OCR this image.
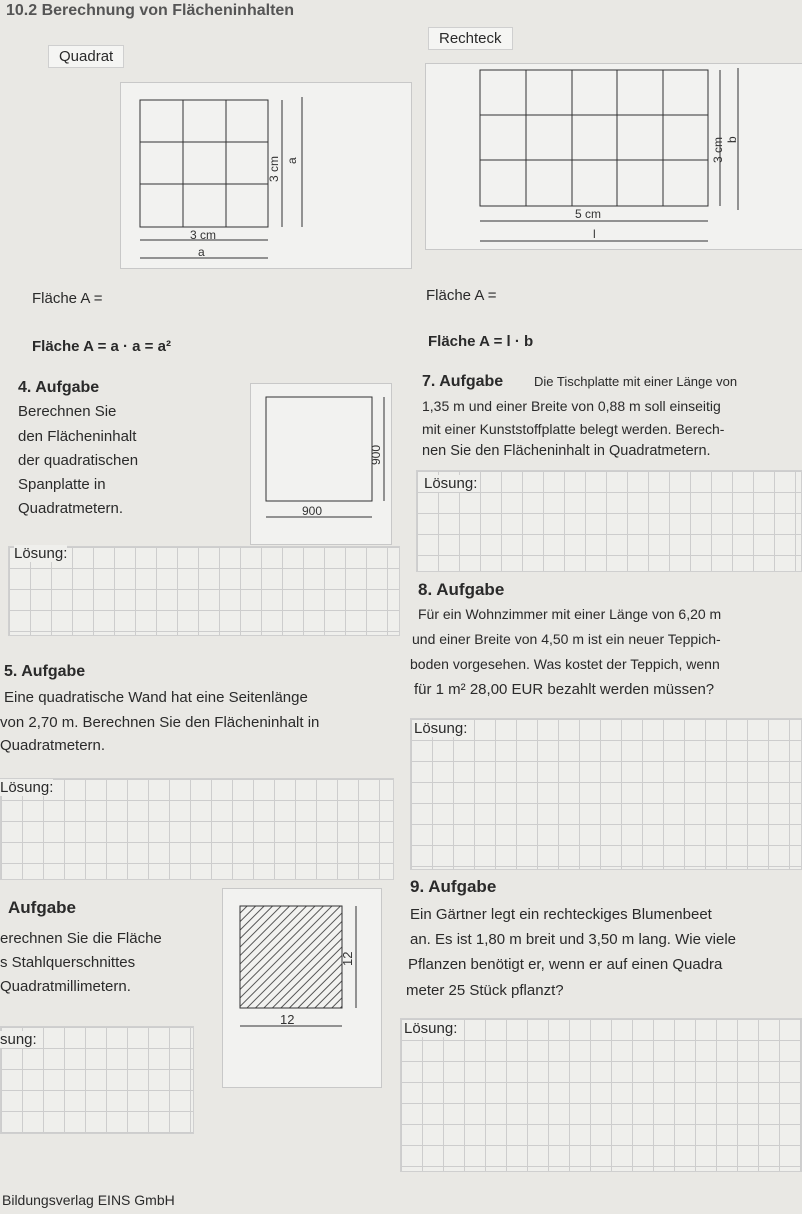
10.2 Berechnung von Flächeninhalten
Quadrat
3 cm
a
3 cm a
Rechteck
5 cm
l
3 cm b
Fläche A =	Fläche A =
Fläche A = a · a = a²	Fläche A = l · b
4. Aufgabe
Berechnen Sie
den Flächeninhalt
der quadratischen
Spanplatte in
Quadratmetern.	900
900
Lösung:
5. Aufgabe
Eine quadratische Wand hat eine Seitenlänge
von 2,70 m. Berechnen Sie den Flächeninhalt in
Quadratmetern.
Lösung:
Aufgabe
erechnen Sie die Fläche
s Stahlquerschnittes
Quadratmillimetern.
12
12
sung:
7. Aufgabe Die Tischplatte mit einer Länge von
1,35 m und einer Breite von 0,88 m soll einseitig
mit einer Kunststoffplatte belegt werden. Berech-
nen Sie den Flächeninhalt in Quadratmetern.
Lösung:
8. Aufgabe
Für ein Wohnzimmer mit einer Länge von 6,20 m
und einer Breite von 4,50 m ist ein neuer Teppich-
boden vorgesehen. Was kostet der Teppich, wenn
für 1 m² 28,00 EUR bezahlt werden müssen?
Lösung:
9. Aufgabe
Ein Gärtner legt ein rechteckiges Blumenbeet
an. Es ist 1,80 m breit und 3,50 m lang. Wie viele
Pflanzen benötigt er, wenn er auf einen Quadra
meter 25 Stück pflanzt?
Lösung:
Bildungsverlag EINS GmbH
